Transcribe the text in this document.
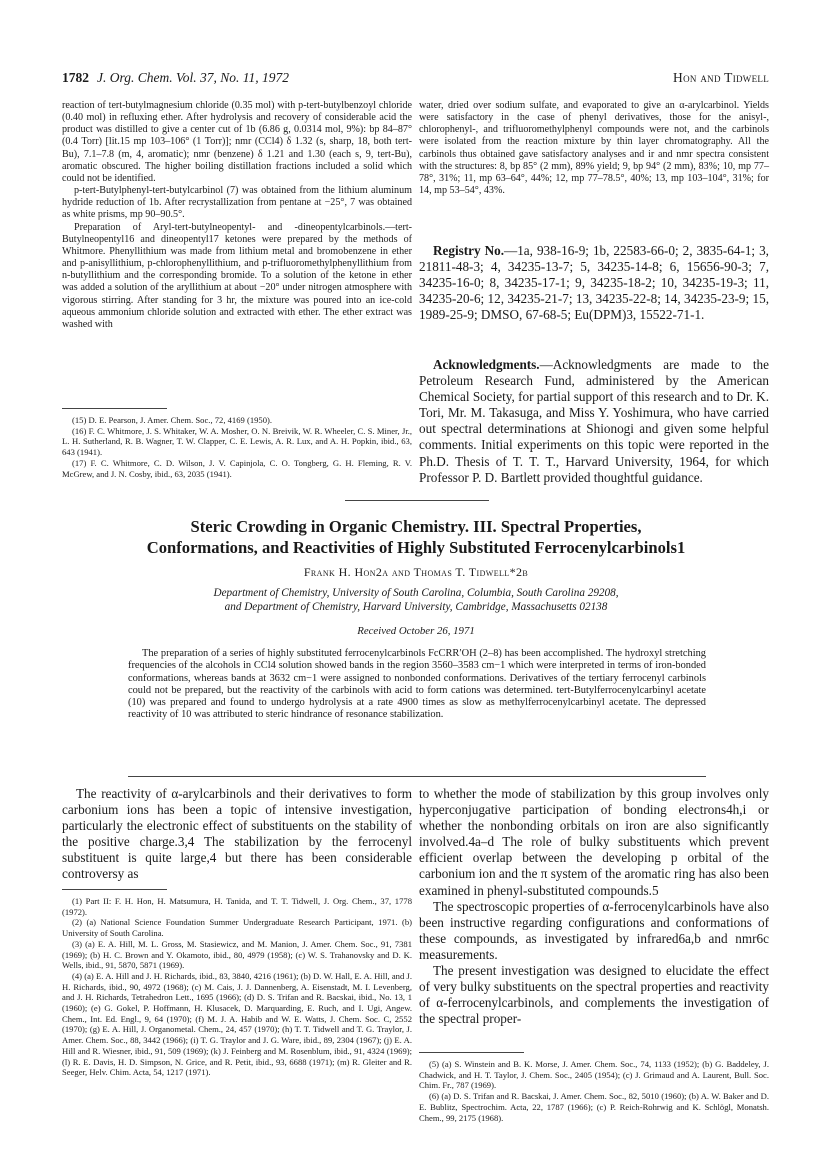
1782 J. Org. Chem. Vol. 37, No. 11, 1972	Hon and Tidwell

reaction of tert-butylmagnesium chloride (0.35 mol) with p-tert-butylbenzoyl chloride (0.40 mol) in refluxing ether. After hydrolysis and recovery of considerable acid the product was distilled to give a center cut of 1b (6.86 g, 0.0314 mol, 9%): bp 84–87° (0.4 Torr) [lit.15 mp 103–106° (1 Torr)]; nmr (CCl4) δ 1.32 (s, sharp, 18, both tert-Bu), 7.1–7.8 (m, 4, aromatic); nmr (benzene) δ 1.21 and 1.30 (each s, 9, tert-Bu), aromatic obscured. The higher boiling distillation fractions included a solid which could not be identified.

p-tert-Butylphenyl-tert-butylcarbinol (7) was obtained from the lithium aluminum hydride reduction of 1b. After recrystallization from pentane at −25°, 7 was obtained as white prisms, mp 90–90.5°.

Preparation of Aryl-tert-butylneopentyl- and -dineopentylcarbinols.—tert-Butylneopentyl16 and dineopentyl17 ketones were prepared by the methods of Whitmore. Phenyllithium was made from lithium metal and bromobenzene in ether and p-anisyllithium, p-chlorophenyllithium, and p-trifluoromethylphenyllithium from n-butyllithium and the corresponding bromide. To a solution of the ketone in ether was added a solution of the aryllithium at about −20° under nitrogen atmosphere with vigorous stirring. After standing for 3 hr, the mixture was poured into an ice-cold aqueous ammonium chloride solution and extracted with ether. The ether extract was washed with

(15) D. E. Pearson, J. Amer. Chem. Soc., 72, 4169 (1950).

(16) F. C. Whitmore, J. S. Whitaker, W. A. Mosher, O. N. Breivik, W. R. Wheeler, C. S. Miner, Jr., L. H. Sutherland, R. B. Wagner, T. W. Clapper, C. E. Lewis, A. R. Lux, and A. H. Popkin, ibid., 63, 643 (1941).

(17) F. C. Whitmore, C. D. Wilson, J. V. Capinjola, C. O. Tongberg, G. H. Fleming, R. V. McGrew, and J. N. Cosby, ibid., 63, 2035 (1941).

water, dried over sodium sulfate, and evaporated to give an α-arylcarbinol. Yields were satisfactory in the case of phenyl derivatives, those for the anisyl-, chlorophenyl-, and trifluoromethylphenyl compounds were not, and the carbinols were isolated from the reaction mixture by thin layer chromatography. All the carbinols thus obtained gave satisfactory analyses and ir and nmr spectra consistent with the structures: 8, bp 85° (2 mm), 89% yield; 9, bp 94° (2 mm), 83%; 10, mp 77–78°, 31%; 11, mp 63–64°, 44%; 12, mp 77–78.5°, 40%; 13, mp 103–104°, 31%; for 14, mp 53–54°, 43%.

Registry No.—1a, 938-16-9; 1b, 22583-66-0; 2, 3835-64-1; 3, 21811-48-3; 4, 34235-13-7; 5, 34235-14-8; 6, 15656-90-3; 7, 34235-16-0; 8, 34235-17-1; 9, 34235-18-2; 10, 34235-19-3; 11, 34235-20-6; 12, 34235-21-7; 13, 34235-22-8; 14, 34235-23-9; 15, 1989-25-9; DMSO, 67-68-5; Eu(DPM)3, 15522-71-1.

Acknowledgments.—Acknowledgments are made to the Petroleum Research Fund, administered by the American Chemical Society, for partial support of this research and to Dr. K. Tori, Mr. M. Takasuga, and Miss Y. Yoshimura, who have carried out spectral determinations at Shionogi and given some helpful comments. Initial experiments on this topic were reported in the Ph.D. Thesis of T. T. T., Harvard University, 1964, for which Professor P. D. Bartlett provided thoughtful guidance.

Steric Crowding in Organic Chemistry. III. Spectral Properties,
Conformations, and Reactivities of Highly Substituted Ferrocenylcarbinols1
Frank H. Hon2a and Thomas T. Tidwell*2b
Department of Chemistry, University of South Carolina, Columbia, South Carolina 29208,
and Department of Chemistry, Harvard University, Cambridge, Massachusetts 02138
Received October 26, 1971

The preparation of a series of highly substituted ferrocenylcarbinols FcCRR′OH (2–8) has been accomplished. The hydroxyl stretching frequencies of the alcohols in CCl4 solution showed bands in the region 3560–3583 cm−1 which were interpreted in terms of iron-bonded conformations, whereas bands at 3632 cm−1 were assigned to nonbonded conformations. Derivatives of the tertiary ferrocenyl carbinols could not be prepared, but the reactivity of the carbinols with acid to form cations was determined. tert-Butylferrocenylcarbinyl acetate (10) was prepared and found to undergo hydrolysis at a rate 4900 times as slow as methylferrocenylcarbinyl acetate. The depressed reactivity of 10 was attributed to steric hindrance of resonance stabilization.

The reactivity of α-arylcarbinols and their derivatives to form carbonium ions has been a topic of intensive investigation, particularly the electronic effect of substituents on the stability of the positive charge.3,4 The stabilization by the ferrocenyl substituent is quite large,4 but there has been considerable controversy as

(1) Part II: F. H. Hon, H. Matsumura, H. Tanida, and T. T. Tidwell, J. Org. Chem., 37, 1778 (1972).

(2) (a) National Science Foundation Summer Undergraduate Research Participant, 1971. (b) University of South Carolina.

(3) (a) E. A. Hill, M. L. Gross, M. Stasiewicz, and M. Manion, J. Amer. Chem. Soc., 91, 7381 (1969); (b) H. C. Brown and Y. Okamoto, ibid., 80, 4979 (1958); (c) W. S. Trahanovsky and D. K. Wells, ibid., 91, 5870, 5871 (1969).

(4) (a) E. A. Hill and J. H. Richards, ibid., 83, 3840, 4216 (1961); (b) D. W. Hall, E. A. Hill, and J. H. Richards, ibid., 90, 4972 (1968); (c) M. Cais, J. J. Dannenberg, A. Eisenstadt, M. I. Levenberg, and J. H. Richards, Tetrahedron Lett., 1695 (1966); (d) D. S. Trifan and R. Bacskai, ibid., No. 13, 1 (1960); (e) G. Gokel, P. Hoffmann, H. Klusacek, D. Marquarding, E. Ruch, and I. Ugi, Angew. Chem., Int. Ed. Engl., 9, 64 (1970); (f) M. J. A. Habib and W. E. Watts, J. Chem. Soc. C, 2552 (1970); (g) E. A. Hill, J. Organometal. Chem., 24, 457 (1970); (h) T. T. Tidwell and T. G. Traylor, J. Amer. Chem. Soc., 88, 3442 (1966); (i) T. G. Traylor and J. G. Ware, ibid., 89, 2304 (1967); (j) E. A. Hill and R. Wiesner, ibid., 91, 509 (1969); (k) J. Feinberg and M. Rosenblum, ibid., 91, 4324 (1969); (l) R. E. Davis, H. D. Simpson, N. Grice, and R. Petit, ibid., 93, 6688 (1971); (m) R. Gleiter and R. Seeger, Helv. Chim. Acta, 54, 1217 (1971).

to whether the mode of stabilization by this group involves only hyperconjugative participation of bonding electrons4h,i or whether the nonbonding orbitals on iron are also significantly involved.4a–d The role of bulky substituents which prevent efficient overlap between the developing p orbital of the carbonium ion and the π system of the aromatic ring has also been examined in phenyl-substituted compounds.5

The spectroscopic properties of α-ferrocenylcarbinols have also been instructive regarding configurations and conformations of these compounds, as investigated by infrared6a,b and nmr6c measurements.

The present investigation was designed to elucidate the effect of very bulky substituents on the spectral properties and reactivity of α-ferrocenylcarbinols, and complements the investigation of the spectral proper-

(5) (a) S. Winstein and B. K. Morse, J. Amer. Chem. Soc., 74, 1133 (1952); (b) G. Baddeley, J. Chadwick, and H. T. Taylor, J. Chem. Soc., 2405 (1954); (c) J. Grimaud and A. Laurent, Bull. Soc. Chim. Fr., 787 (1969).

(6) (a) D. S. Trifan and R. Bacskai, J. Amer. Chem. Soc., 82, 5010 (1960); (b) A. W. Baker and D. E. Bublitz, Spectrochim. Acta, 22, 1787 (1966); (c) P. Reich-Rohrwig and K. Schlögl, Monatsh. Chem., 99, 2175 (1968).
